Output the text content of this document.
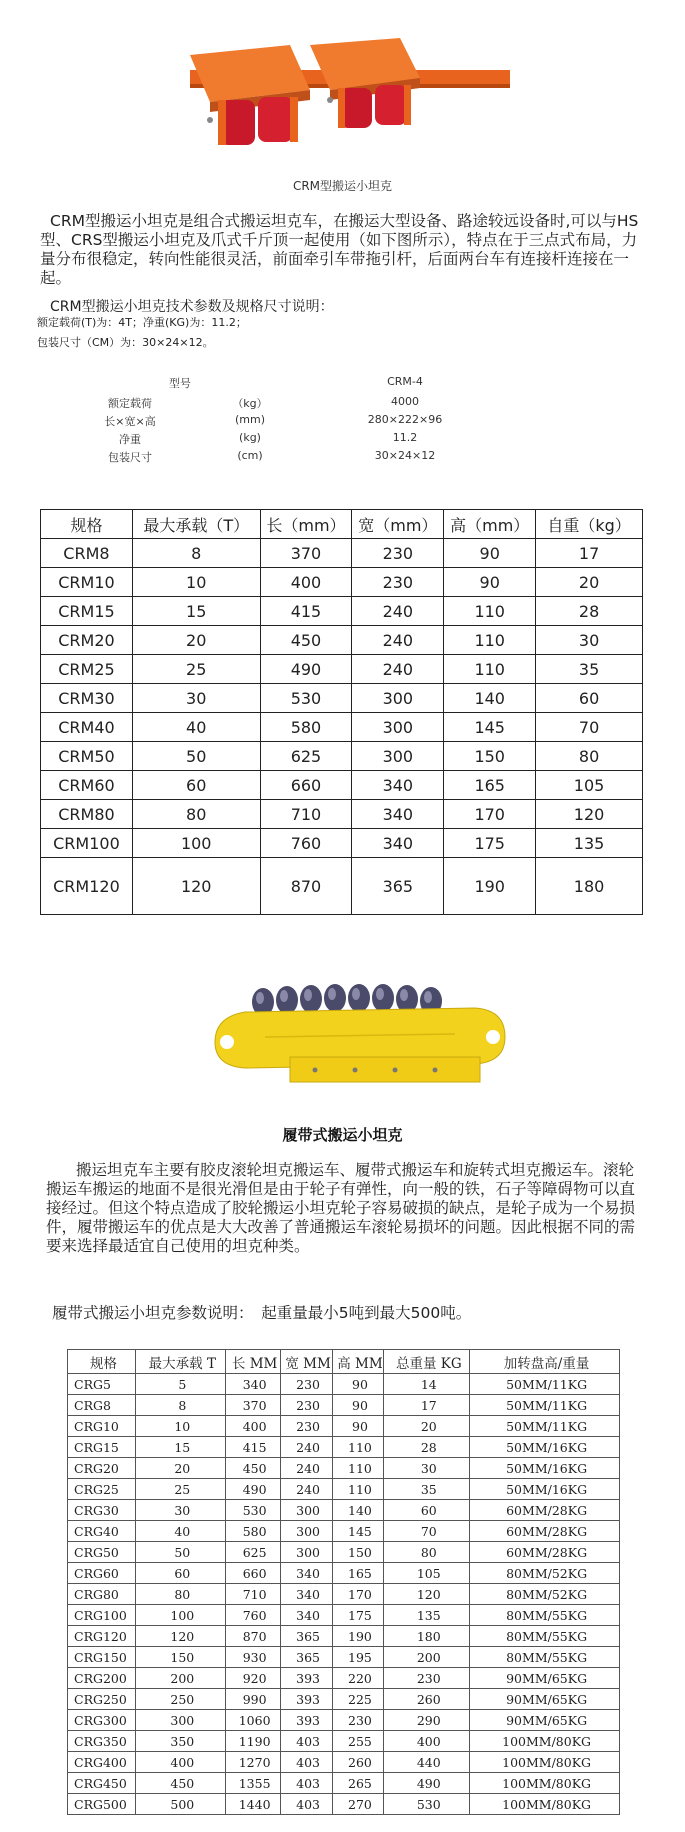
CRM型搬运小坦克
CRM型搬运小坦克是组合式搬运坦克车，在搬运大型设备、路途较远设备时,可以与HS型、CRS型搬运小坦克及爪式千斤顶一起使用（如下图所示），特点在于三点式布局，力量分布很稳定，转向性能很灵活，前面牵引车带拖引杆，后面两台车有连接杆连接在一起。
CRM型搬运小坦克技术参数及规格尺寸说明：
额定载荷(T)为：4T；净重(KG)为：11.2；
包装尺寸（CM）为：30×24×12。
型号	CRM-4
额定载荷	（kg）	4000
长×宽×高	(mm)	280×222×96
净重	(kg)	11.2
包装尺寸	(cm)	30×24×12
规格	最大承载（T）	长（mm）	宽（mm）	高（mm）	自重（kg）
CRM8	8	370	230	90	17
CRM10	10	400	230	90	20
CRM15	15	415	240	110	28
CRM20	20	450	240	110	30
CRM25	25	490	240	110	35
CRM30	30	530	300	140	60
CRM40	40	580	300	145	70
CRM50	50	625	300	150	80
CRM60	60	660	340	165	105
CRM80	80	710	340	170	120
CRM100	100	760	340	175	135
CRM120	120	870	365	190	180
履带式搬运小坦克
搬运坦克车主要有胶皮滚轮坦克搬运车、履带式搬运车和旋转式坦克搬运车。滚轮搬运车搬运的地面不是很光滑但是由于轮子有弹性，向一般的铁，石子等障碍物可以直接经过。但这个特点造成了胶轮搬运小坦克轮子容易破损的缺点，是轮子成为一个易损件，履带搬运车的优点是大大改善了普通搬运车滚轮易损坏的问题。因此根据不同的需要来选择最适宜自己使用的坦克种类。
履带式搬运小坦克参数说明：　起重量最小5吨到最大500吨。
规格	最大承载 T	长 MM	宽 MM	高 MM	总重量 KG	加转盘高/重量
CRG5	5	340	230	90	14	50MM/11KG
CRG8	8	370	230	90	17	50MM/11KG
CRG10	10	400	230	90	20	50MM/11KG
CRG15	15	415	240	110	28	50MM/16KG
CRG20	20	450	240	110	30	50MM/16KG
CRG25	25	490	240	110	35	50MM/16KG
CRG30	30	530	300	140	60	60MM/28KG
CRG40	40	580	300	145	70	60MM/28KG
CRG50	50	625	300	150	80	60MM/28KG
CRG60	60	660	340	165	105	80MM/52KG
CRG80	80	710	340	170	120	80MM/52KG
CRG100	100	760	340	175	135	80MM/55KG
CRG120	120	870	365	190	180	80MM/55KG
CRG150	150	930	365	195	200	80MM/55KG
CRG200	200	920	393	220	230	90MM/65KG
CRG250	250	990	393	225	260	90MM/65KG
CRG300	300	1060	393	230	290	90MM/65KG
CRG350	350	1190	403	255	400	100MM/80KG
CRG400	400	1270	403	260	440	100MM/80KG
CRG450	450	1355	403	265	490	100MM/80KG
CRG500	500	1440	403	270	530	100MM/80KG
